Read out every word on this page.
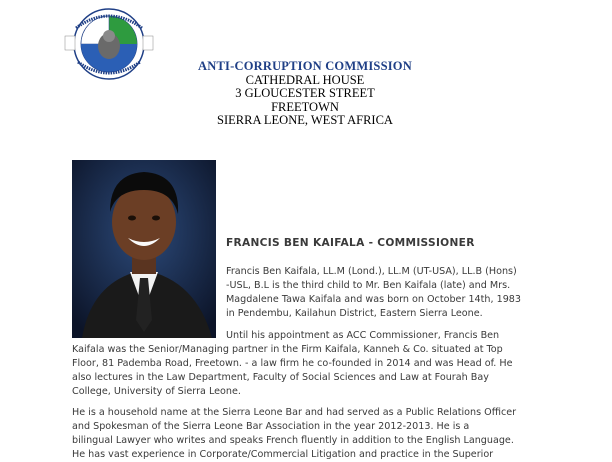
ANTI-CORRUPTION COMMISSION
CATHEDRAL HOUSE
3 GLOUCESTER STREET
FREETOWN
SIERRA LEONE, WEST AFRICA
FRANCIS BEN KAIFALA - COMMISSIONER
Francis Ben Kaifala, LL.M (Lond.), LL.M (UT-USA), LL.B (Hons)
-USL, B.L is the third child to Mr. Ben Kaifala (late) and Mrs.
Magdalene Tawa Kaifala and was born on October 14th, 1983
in Pendembu, Kailahun District, Eastern Sierra Leone.
Until his appointment as ACC Commissioner, Francis Ben
Kaifala was the Senior/Managing partner in the Firm Kaifala, Kanneh & Co. situated at Top
Floor, 81 Pademba Road, Freetown. - a law firm he co-founded in 2014 and was Head of. He
also lectures in the Law Department, Faculty of Social Sciences and Law at Fourah Bay
College, University of Sierra Leone.
He is a household name at the Sierra Leone Bar and had served as a Public Relations Officer
and Spokesman of the Sierra Leone Bar Association in the year 2012-2013. He is a
bilingual Lawyer who writes and speaks French fluently in addition to the English Language.
He has vast experience in Corporate/Commercial Litigation and practice in the Superior
